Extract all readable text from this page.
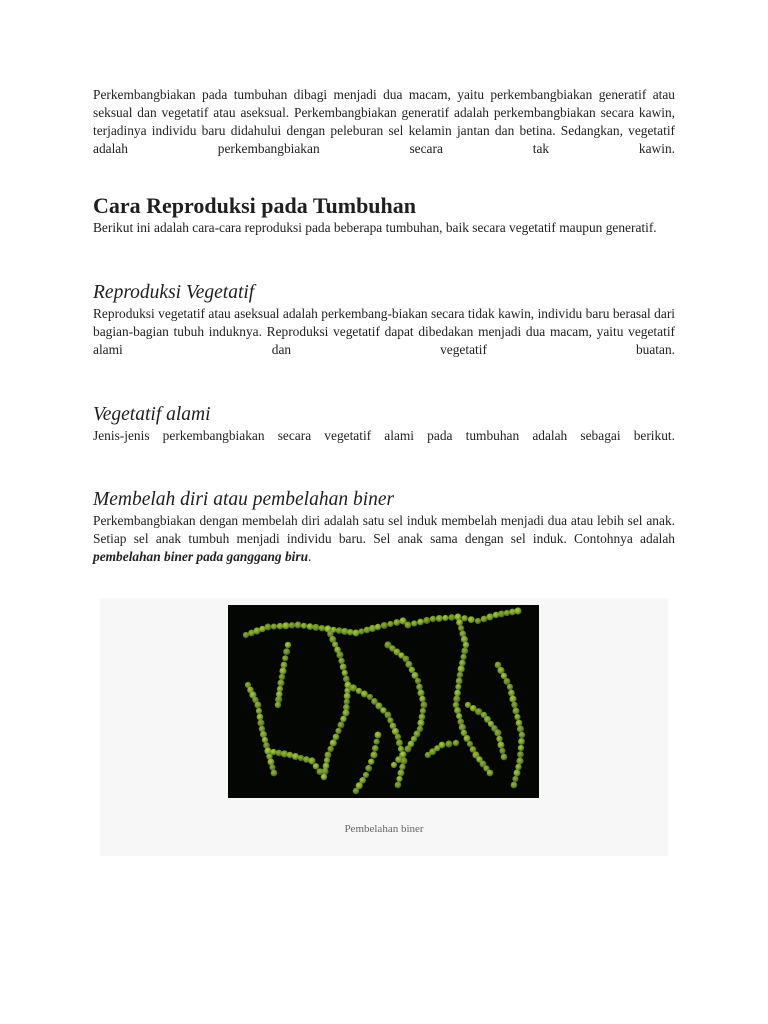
Perkembangbiakan pada tumbuhan dibagi menjadi dua macam, yaitu perkembangbiakan generatif atau seksual dan vegetatif atau aseksual. Perkembangbiakan generatif adalah perkembangbiakan secara kawin, terjadinya individu baru didahului dengan peleburan sel kelamin jantan dan betina. Sedangkan, vegetatif adalah perkembangbiakan secara tak kawin.

Cara Reproduksi pada Tumbuhan

Berikut ini adalah cara-cara reproduksi pada beberapa tumbuhan, baik secara vegetatif maupun generatif.

Reproduksi Vegetatif

Reproduksi vegetatif atau aseksual adalah perkembang-biakan secara tidak kawin, individu baru berasal dari bagian-bagian tubuh induknya. Reproduksi vegetatif dapat dibedakan menjadi dua macam, yaitu vegetatif alami dan vegetatif buatan.

Vegetatif alami

Jenis-jenis perkembangbiakan secara vegetatif alami pada tumbuhan adalah sebagai berikut.

Membelah diri atau pembelahan biner

Perkembangbiakan dengan membelah diri adalah satu sel induk membelah menjadi dua atau lebih sel anak. Setiap sel anak tumbuh menjadi individu baru. Sel anak sama dengan sel induk. Contohnya adalah pembelahan biner pada ganggang biru.

Pembelahan biner
